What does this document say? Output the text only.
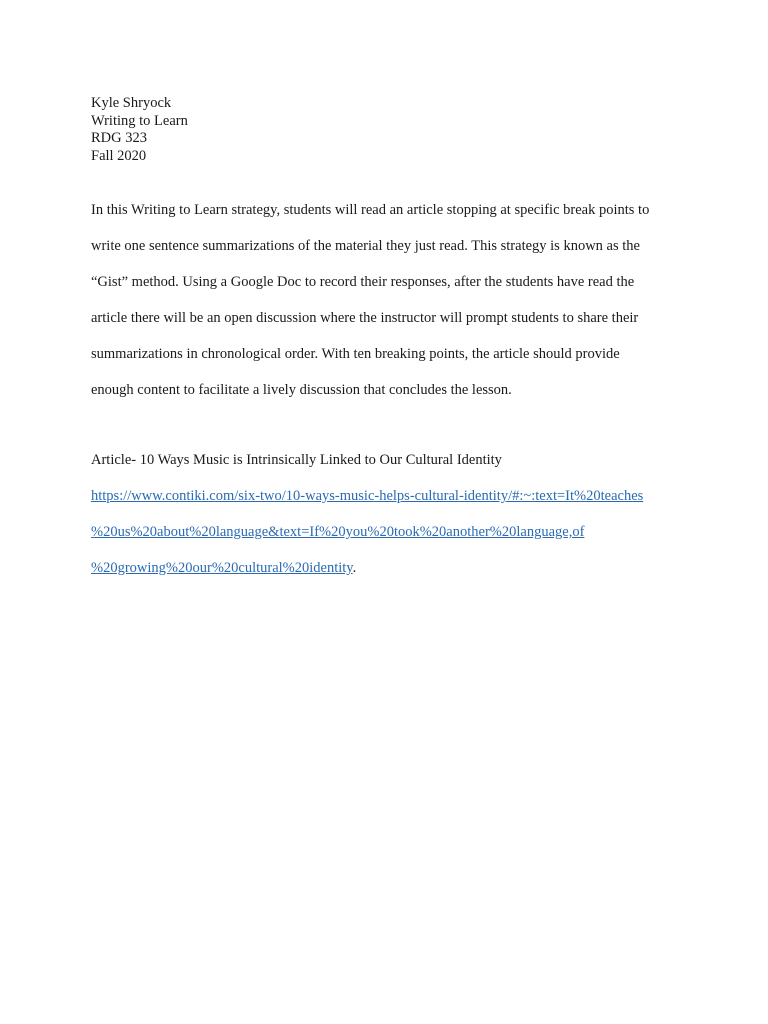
Kyle Shryock
Writing to Learn
RDG 323
Fall 2020
In this Writing to Learn strategy, students will read an article stopping at specific break points to
write one sentence summarizations of the material they just read. This strategy is known as the
“Gist” method. Using a Google Doc to record their responses, after the students have read the
article there will be an open discussion where the instructor will prompt students to share their
summarizations in chronological order. With ten breaking points, the article should provide
enough content to facilitate a lively discussion that concludes the lesson.
Article- 10 Ways Music is Intrinsically Linked to Our Cultural Identity
https://www.contiki.com/six-two/10-ways-music-helps-cultural-identity/#:~:text=It%20teaches
%20us%20about%20language&text=If%20you%20took%20another%20language,of
%20growing%20our%20cultural%20identity.
